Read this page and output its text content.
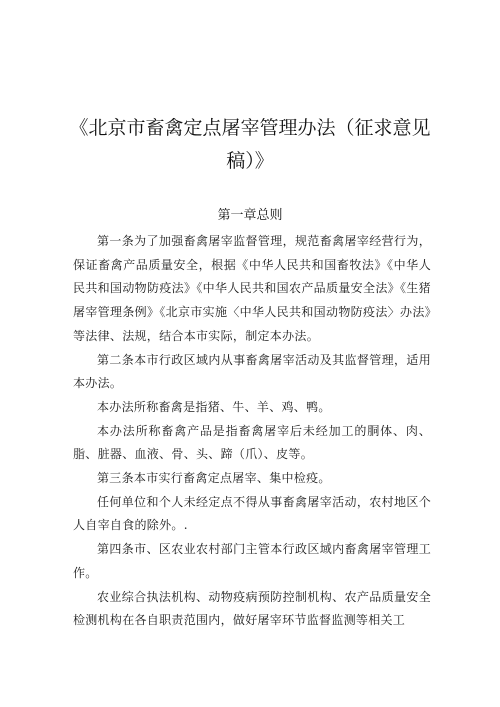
《北京市畜禽定点屠宰管理办法（征求意见稿）》
第一章总则

第一条为了加强畜禽屠宰监督管理，规范畜禽屠宰经营行为，保证畜禽产品质量安全，根据《中华人民共和国畜牧法》《中华人民共和国动物防疫法》《中华人民共和国农产品质量安全法》《生猪屠宰管理条例》《北京市实施〈中华人民共和国动物防疫法〉办法》等法律、法规，结合本市实际，制定本办法。

第二条本市行政区域内从事畜禽屠宰活动及其监督管理，适用本办法。

本办法所称畜禽是指猪、牛、羊、鸡、鸭。

本办法所称畜禽产品是指畜禽屠宰后未经加工的胴体、肉、脂、脏器、血液、骨、头、蹄（爪）、皮等。

第三条本市实行畜禽定点屠宰、集中检疫。

任何单位和个人未经定点不得从事畜禽屠宰活动，农村地区个人自宰自食的除外。.

第四条市、区农业农村部门主管本行政区域内畜禽屠宰管理工作。

农业综合执法机构、动物疫病预防控制机构、农产品质量安全检测机构在各自职责范围内，做好屠宰环节监督监测等相关工
